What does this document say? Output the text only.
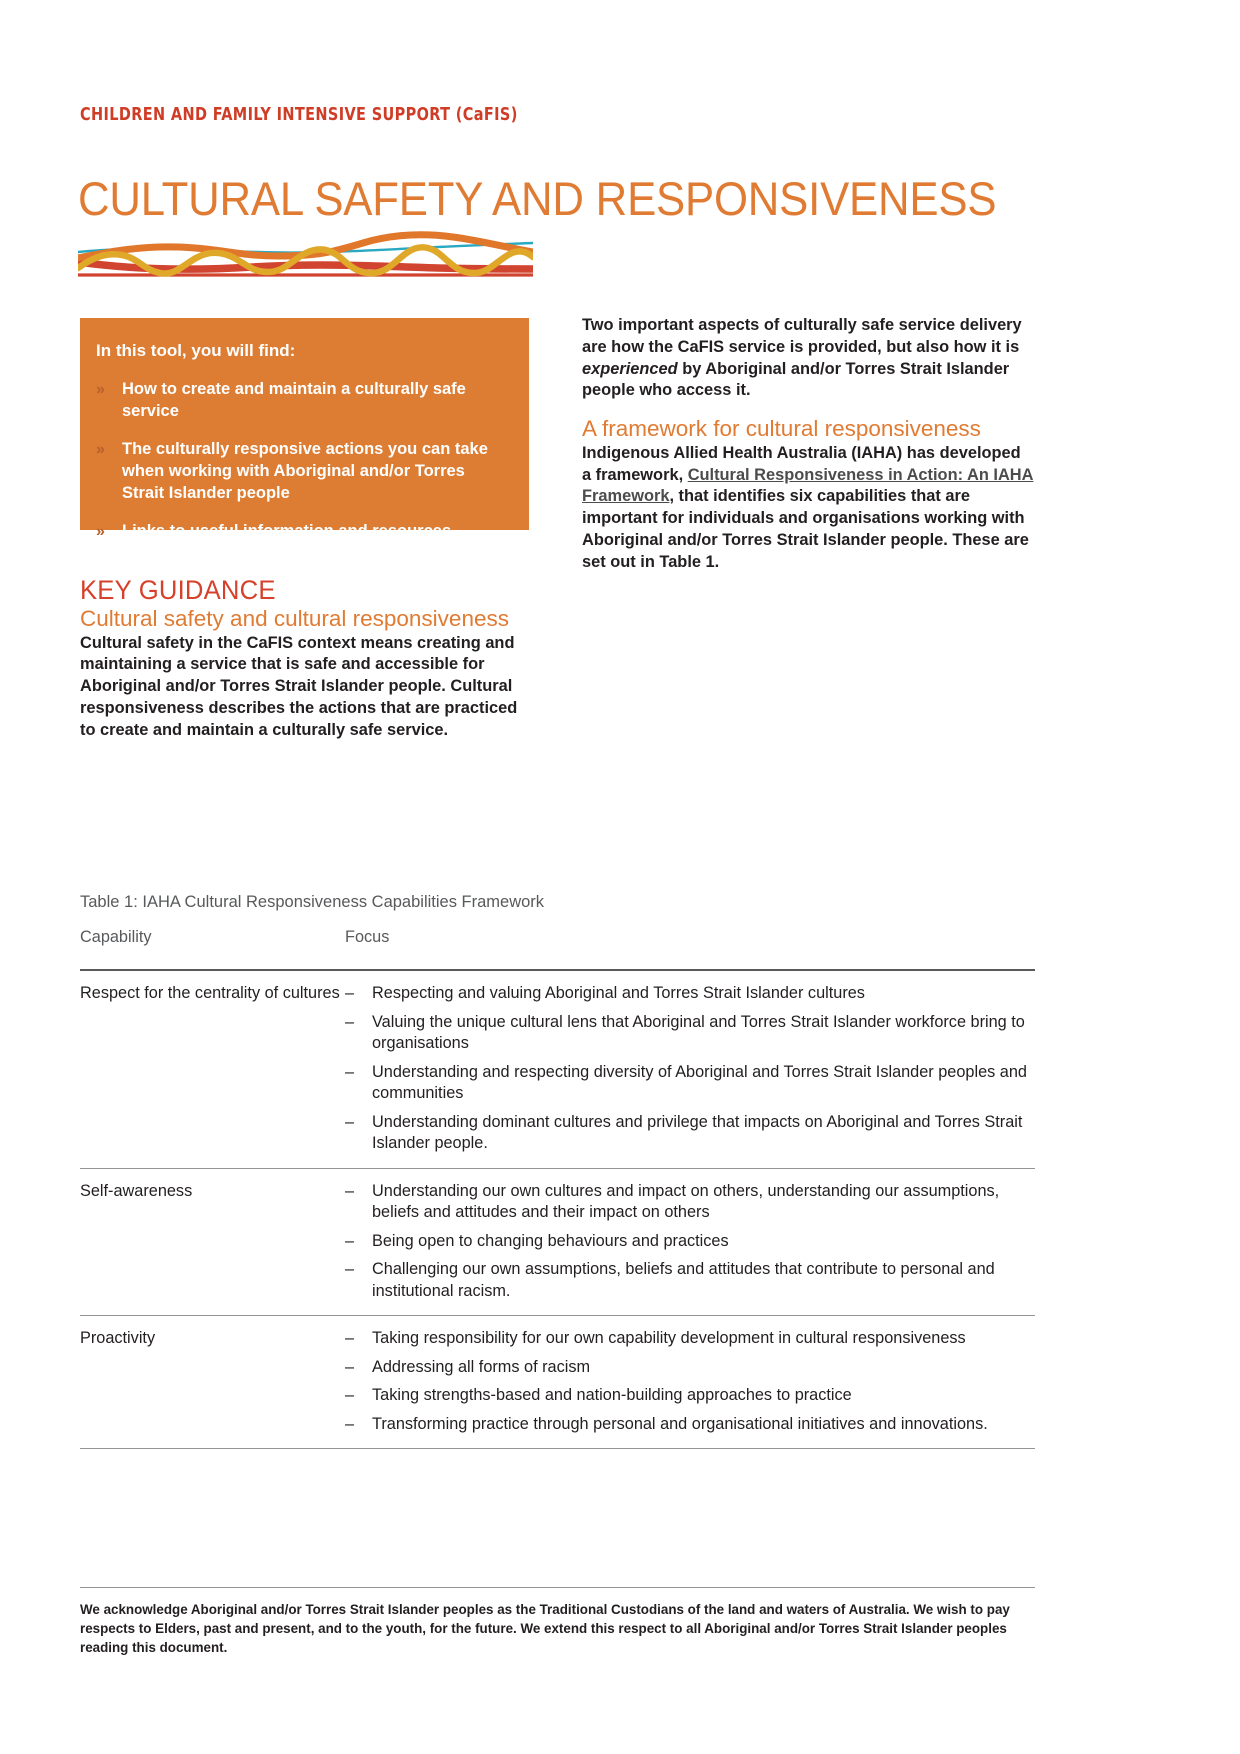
CHILDREN AND FAMILY INTENSIVE SUPPORT (CaFIS)
CULTURAL SAFETY AND RESPONSIVENESS

In this tool, you will find:

»	How to create and maintain a culturally safe service
»	The culturally responsive actions you can take when working with Aboriginal and/or Torres Strait Islander people
»	Links to useful information and resources.
KEY GUIDANCE
Cultural safety and cultural responsiveness

Cultural safety in the CaFIS context means creating and maintaining a service that is safe and accessible for Aboriginal and/or Torres Strait Islander people. Cultural responsiveness describes the actions that are practiced to create and maintain a culturally safe service.

Two important aspects of culturally safe service delivery are how the CaFIS service is provided, but also how it is experienced by Aboriginal and/or Torres Strait Islander people who access it.

A framework for cultural responsiveness

Indigenous Allied Health Australia (IAHA) has developed a framework, Cultural Responsiveness in Action: An IAHA Framework, that identifies six capabilities that are important for individuals and organisations working with Aboriginal and/or Torres Strait Islander people. These are set out in Table 1.

Table 1: IAHA Cultural Responsiveness Capabilities Framework
Capability	Focus
Respect for the centrality of cultures	–	Respecting and valuing Aboriginal and Torres Strait Islander cultures
–	Valuing the unique cultural lens that Aboriginal and Torres Strait Islander workforce bring to organisations
–	Understanding and respecting diversity of Aboriginal and Torres Strait Islander peoples and communities
–	Understanding dominant cultures and privilege that impacts on Aboriginal and Torres Strait Islander people.

Self-awareness	–	Understanding our own cultures and impact on others, understanding our assumptions, beliefs and attitudes and their impact on others
–	Being open to changing behaviours and practices
–	Challenging our own assumptions, beliefs and attitudes that contribute to personal and institutional racism.

Proactivity	–	Taking responsibility for our own capability development in cultural responsiveness
–	Addressing all forms of racism
–	Taking strengths-based and nation-building approaches to practice
–	Transforming practice through personal and organisational initiatives and innovations.
We acknowledge Aboriginal and/or Torres Strait Islander peoples as the Traditional Custodians of the land and waters of Australia. We wish to pay respects to Elders, past and present, and to the youth, for the future. We extend this respect to all Aboriginal and/or Torres Strait Islander peoples reading this document.
